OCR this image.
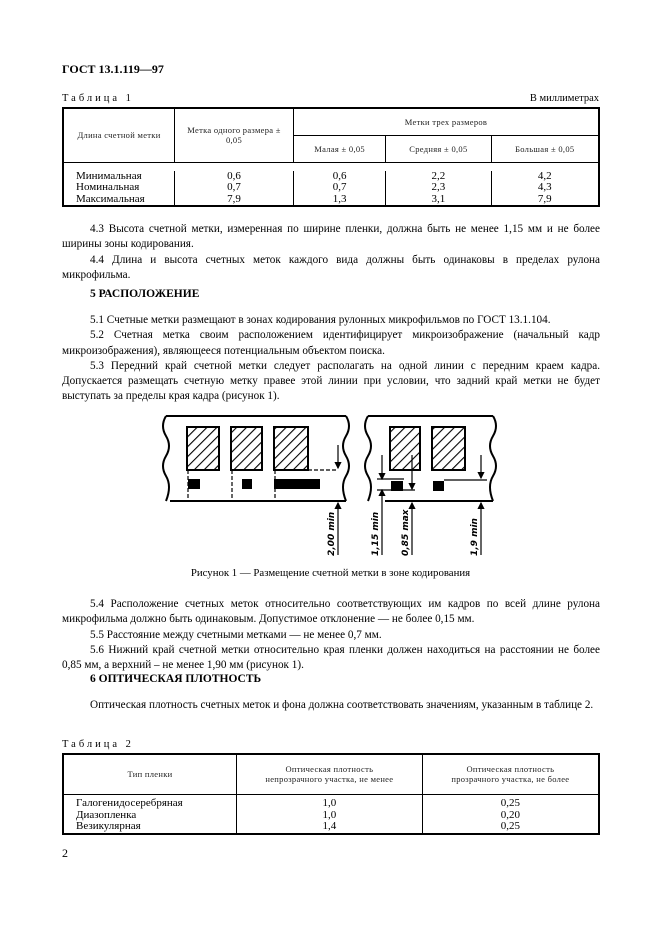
ГОСТ 13.1.119—97
Таблица 1	В миллиметрах
Длина счетной метки	Метка одного размера ± 0,05	Метки трех размеров		
		Малая ± 0,05	Средняя ± 0,05	Большая ± 0,05

Минимальная	0,6	0,6	2,2	4,2
Номинальная	0,7	0,7	2,3	4,3
Максимальная	7,9	1,3	3,1	7,9

4.3 Высота счетной метки, измеренная по ширине пленки, должна быть не менее 1,15 мм и не более ширины зоны кодирования.

4.4 Длина и высота счетных меток каждого вида должны быть одинаковы в пределах рулона микрофильма.

5 РАСПОЛОЖЕНИЕ

5.1 Счетные метки размещают в зонах кодирования рулонных микрофильмов по ГОСТ 13.1.104.

5.2 Счетная метка своим расположением идентифицирует микроизображение (начальный кадр микроизображения), являющееся потенциальным объектом поиска.

5.3 Передний край счетной метки следует располагать на одной линии с передним краем кадра. Допускается размещать счетную метку правее этой линии при условии, что задний край метки не будет выступать за пределы края кадра (рисунок 1).

2,00 min	1,15 min 0,85 max	1,9 min
Рисунок 1 — Размещение счетной метки в зоне кодирования

5.4 Расположение счетных меток относительно соответствующих им кадров по всей длине рулона микрофильма должно быть одинаковым. Допустимое отклонение — не более 0,15 мм.

5.5 Расстояние между счетными метками — не менее 0,7 мм.

5.6 Нижний край счетной метки относительно края пленки должен находиться на расстоянии не более 0,85 мм, а верхний – не менее 1,90 мм (рисунок 1).

6 ОПТИЧЕСКАЯ ПЛОТНОСТЬ

Оптическая плотность счетных меток и фона должна соответствовать значениям, указанным в таблице 2.

Таблица 2
Тип пленки	Оптическая плотность непрозрачного участка, не менее	Оптическая плотность прозрачного участка, не более

Галогенидосеребряная	1,0	0,25
Диазопленка	1,0	0,20
Везикулярная	1,4	0,25
2
